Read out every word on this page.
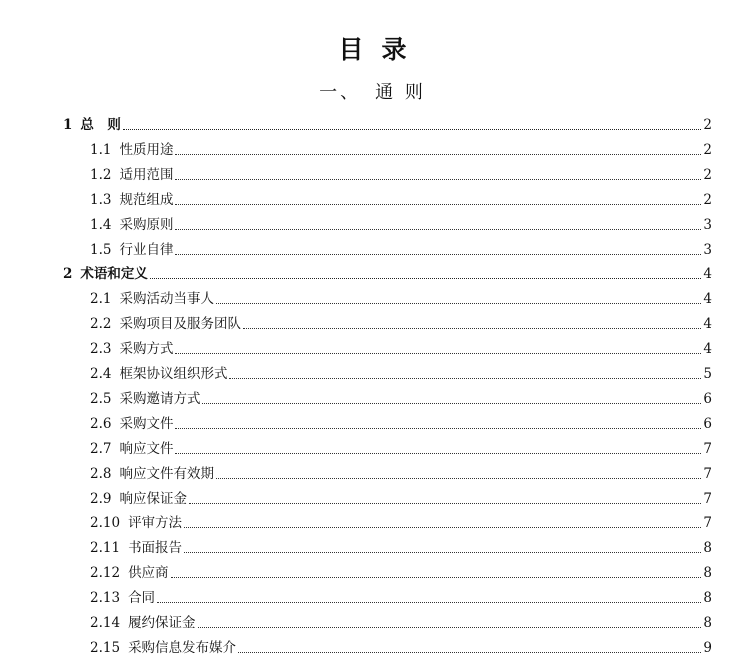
目录
一、 通 则
1 总　则	2
1.1 性质用途	2
1.2 适用范围	2
1.3 规范组成	2
1.4 采购原则	3
1.5 行业自律	3
2 术语和定义	4
2.1 采购活动当事人	4
2.2 采购项目及服务团队	4
2.3 采购方式	4
2.4 框架协议组织形式	5
2.5 采购邀请方式	6
2.6 采购文件	6
2.7 响应文件	7
2.8 响应文件有效期	7
2.9 响应保证金	7
2.10 评审方法	7
2.11 书面报告	8
2.12 供应商	8
2.13 合同	8
2.14 履约保证金	8
2.15 采购信息发布媒介	9
